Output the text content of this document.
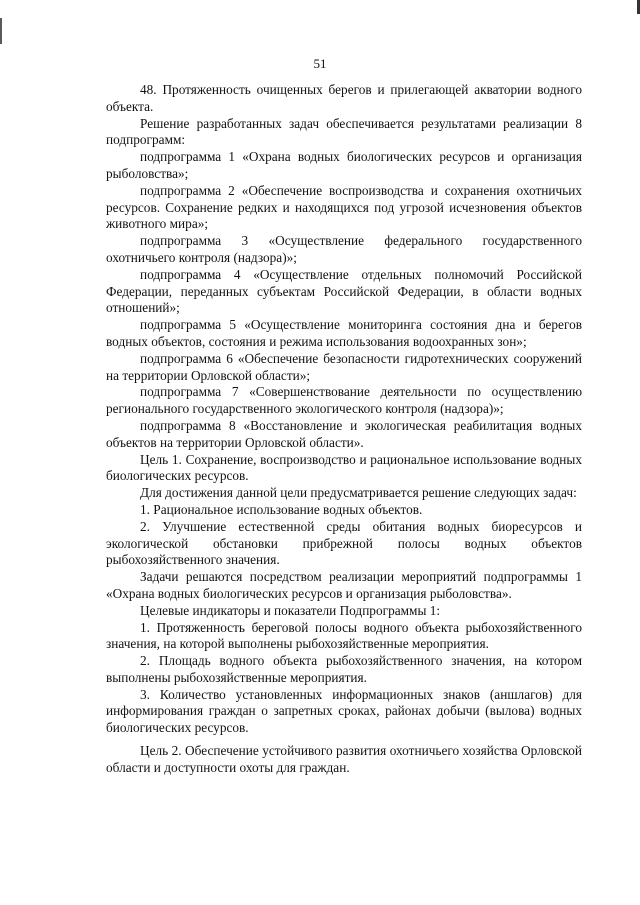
51

48. Протяженность очищенных берегов и прилегающей акватории водного объекта.

Решение разработанных задач обеспечивается результатами реализации 8 подпрограмм:

подпрограмма 1 «Охрана водных биологических ресурсов и организация рыболовства»;

подпрограмма 2 «Обеспечение воспроизводства и сохранения охотничьих ресурсов. Сохранение редких и находящихся под угрозой исчезновения объектов животного мира»;

подпрограмма 3 «Осуществление федерального государственного охотничьего контроля (надзора)»;

подпрограмма 4 «Осуществление отдельных полномочий Российской Федерации, переданных субъектам Российской Федерации, в области водных отношений»;

подпрограмма 5 «Осуществление мониторинга состояния дна и берегов водных объектов, состояния и режима использования водоохранных зон»;

подпрограмма 6 «Обеспечение безопасности гидротехнических сооружений на территории Орловской области»;

подпрограмма 7 «Совершенствование деятельности по осуществлению регионального государственного экологического контроля (надзора)»;

подпрограмма 8 «Восстановление и экологическая реабилитация водных объектов на территории Орловской области».

Цель 1. Сохранение, воспроизводство и рациональное использование водных биологических ресурсов.

Для достижения данной цели предусматривается решение следующих задач:

1. Рациональное использование водных объектов.

2. Улучшение естественной среды обитания водных биоресурсов и экологической обстановки прибрежной полосы водных объектов рыбохозяйственного значения.

Задачи решаются посредством реализации мероприятий подпрограммы 1 «Охрана водных биологических ресурсов и организация рыболовства».

Целевые индикаторы и показатели Подпрограммы 1:

1. Протяженность береговой полосы водного объекта рыбохозяйственного значения, на которой выполнены рыбохозяйственные мероприятия.

2. Площадь водного объекта рыбохозяйственного значения, на котором выполнены рыбохозяйственные мероприятия.

3. Количество установленных информационных знаков (аншлагов) для информирования граждан о запретных сроках, районах добычи (вылова) водных биологических ресурсов.

Цель 2. Обеспечение устойчивого развития охотничьего хозяйства Орловской области и доступности охоты для граждан.
